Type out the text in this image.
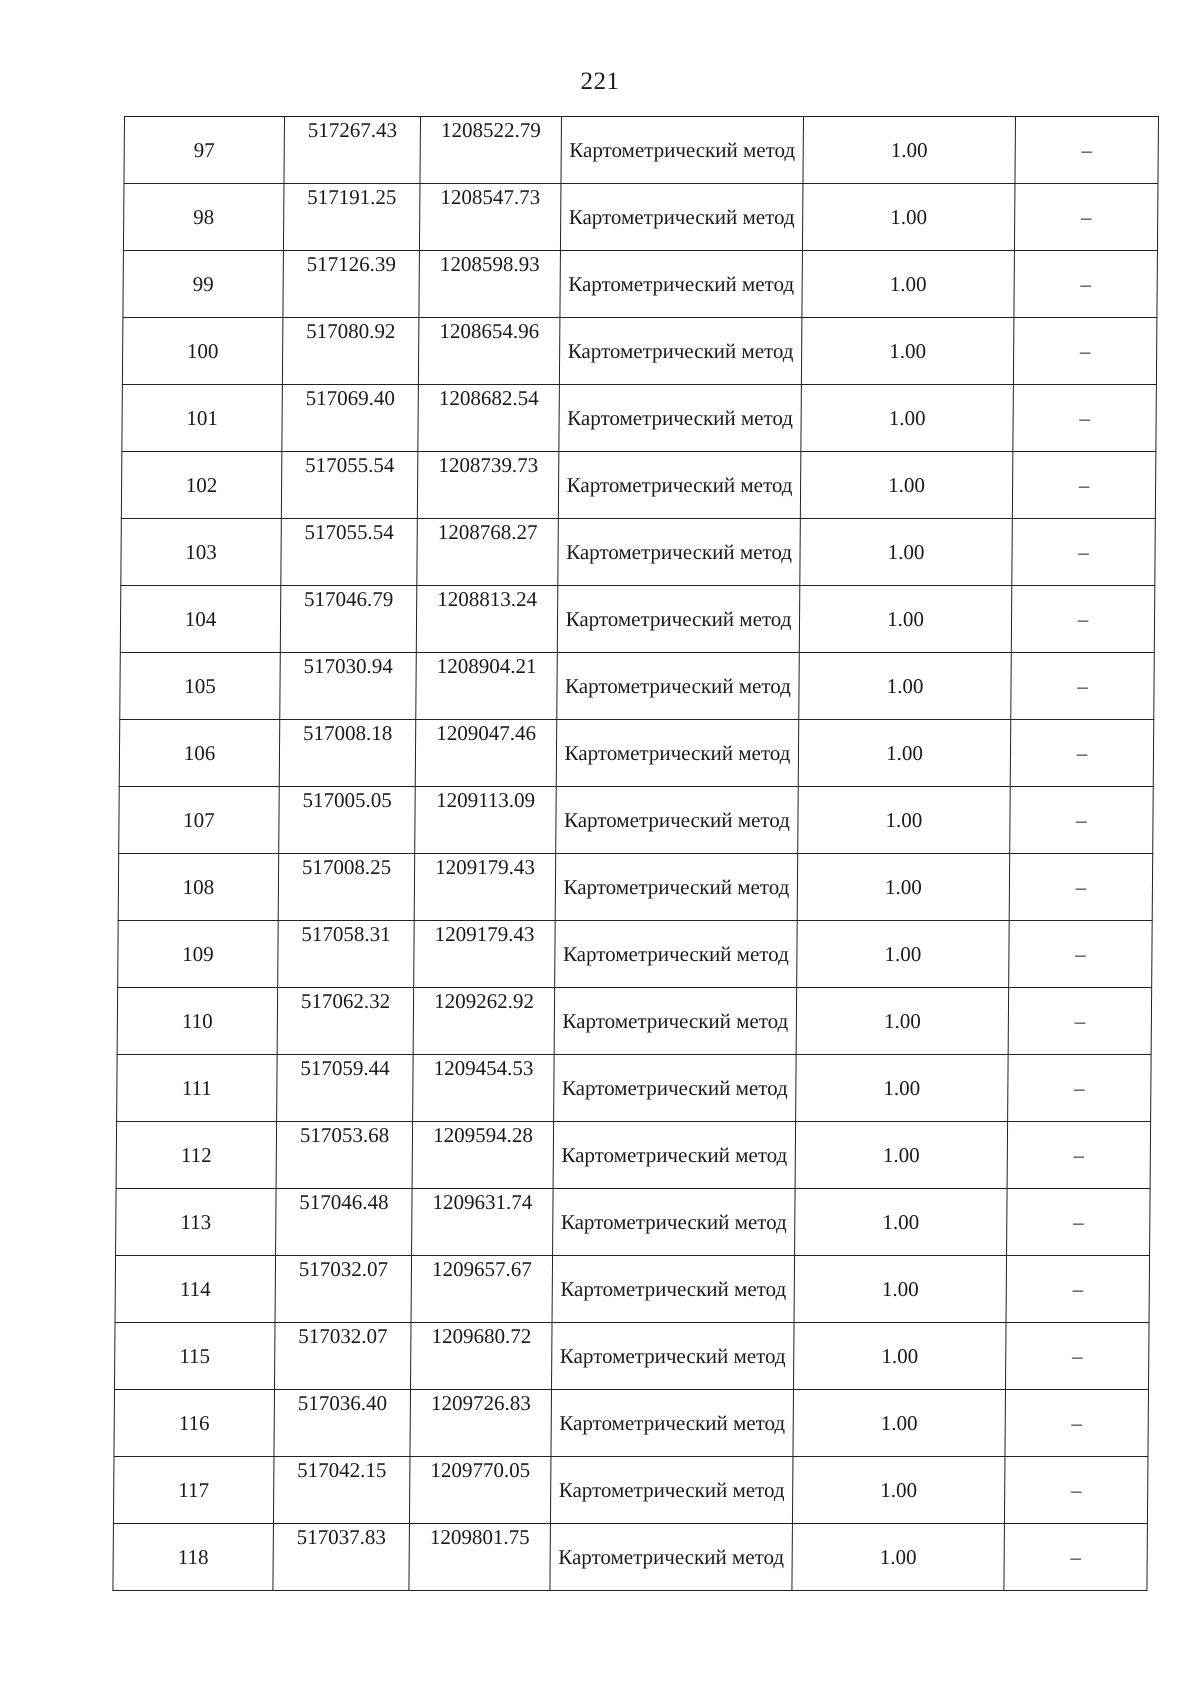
221
97	517267.43	1208522.79	Картометрический метод	1.00	–
98	517191.25	1208547.73	Картометрический метод	1.00	–
99	517126.39	1208598.93	Картометрический метод	1.00	–
100	517080.92	1208654.96	Картометрический метод	1.00	–
101	517069.40	1208682.54	Картометрический метод	1.00	–
102	517055.54	1208739.73	Картометрический метод	1.00	–
103	517055.54	1208768.27	Картометрический метод	1.00	–
104	517046.79	1208813.24	Картометрический метод	1.00	–
105	517030.94	1208904.21	Картометрический метод	1.00	–
106	517008.18	1209047.46	Картометрический метод	1.00	–
107	517005.05	1209113.09	Картометрический метод	1.00	–
108	517008.25	1209179.43	Картометрический метод	1.00	–
109	517058.31	1209179.43	Картометрический метод	1.00	–
110	517062.32	1209262.92	Картометрический метод	1.00	–
111	517059.44	1209454.53	Картометрический метод	1.00	–
112	517053.68	1209594.28	Картометрический метод	1.00	–
113	517046.48	1209631.74	Картометрический метод	1.00	–
114	517032.07	1209657.67	Картометрический метод	1.00	–
115	517032.07	1209680.72	Картометрический метод	1.00	–
116	517036.40	1209726.83	Картометрический метод	1.00	–
117	517042.15	1209770.05	Картометрический метод	1.00	–
118	517037.83	1209801.75	Картометрический метод	1.00	–
